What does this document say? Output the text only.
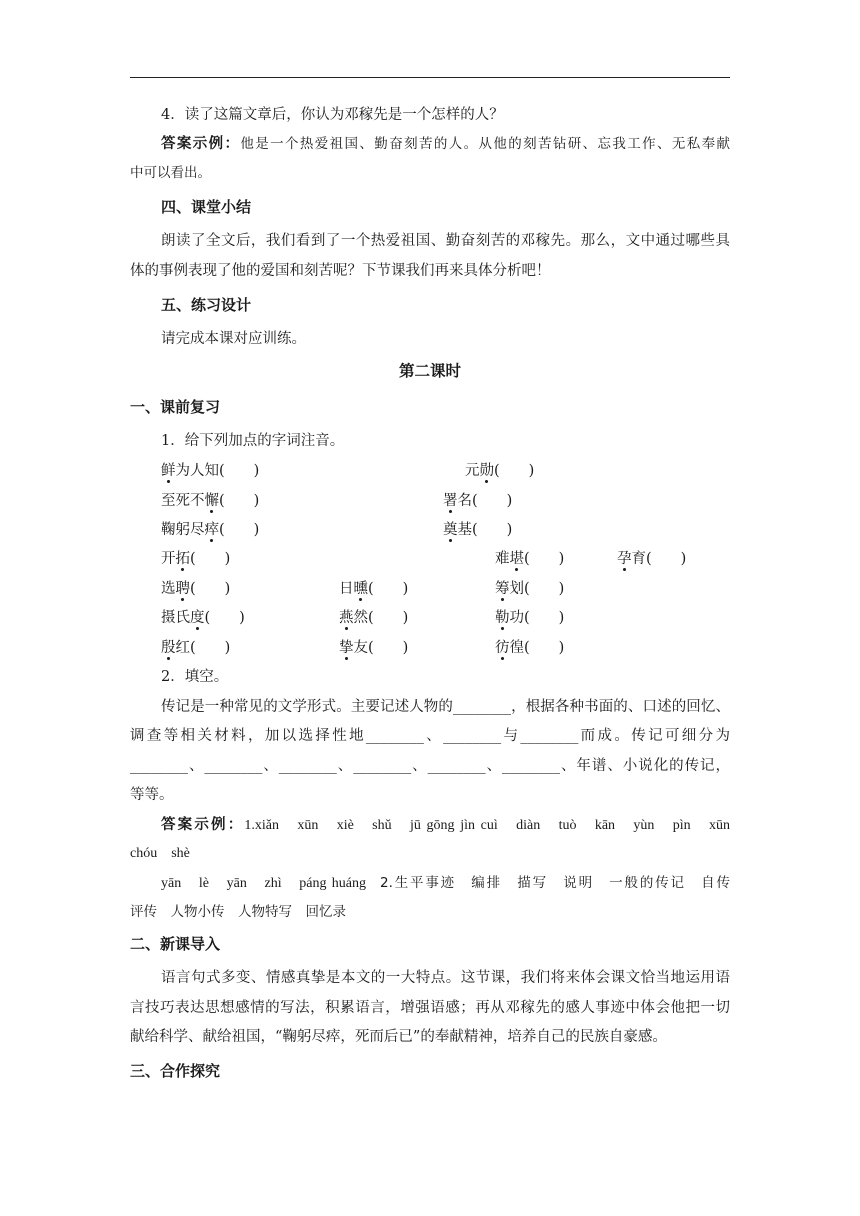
4．读了这篇文章后，你认为邓稼先是一个怎样的人？
答案示例：他是一个热爱祖国、勤奋刻苦的人。从他的刻苦钻研、忘我工作、无私奉献
中可以看出。
四、课堂小结
朗读了全文后，我们看到了一个热爱祖国、勤奋刻苦的邓稼先。那么，文中通过哪些具
体的事例表现了他的爱国和刻苦呢？下节课我们再来具体分析吧！
五、练习设计
请完成本课对应训练。
第二课时
一、课前复习
1．给下列加点的字词注音。
鲜为人知(　　)	元勋(　　)
至死不懈(　　)	署名(　　)
鞠躬尽瘁(　　)	奠基(　　)
开拓(　　)	难堪(　　)	孕育(　　)
选聘(　　)	日曛(　　)	筹划(　　)
摄氏度(　　)	燕然(　　)	勒功(　　)
殷红(　　)	挚友(　　)	彷徨(　　)
2．填空。
传记是一种常见的文学形式。主要记述人物的________，根据各种书面的、口述的回忆、
调查等相关材料，加以选择性地________、________与________而成。传记可细分为
________、________、________、________、________、________、年谱、小说化的传记，
等等。
答案示例：1.xiǎn　xūn　xiè　shǔ　jū gōng jìn cuì　diàn　tuò　kān　yùn　pìn　xūn
chóu　shè
yān　lè　yān　zhì　páng huáng 2.生平事迹　编排　描写　说明　一般的传记　自传
评传　人物小传　人物特写　回忆录
二、新课导入
语言句式多变、情感真挚是本文的一大特点。这节课，我们将来体会课文恰当地运用语
言技巧表达思想感情的写法，积累语言，增强语感；再从邓稼先的感人事迹中体会他把一切
献给科学、献给祖国，“鞠躬尽瘁，死而后已”的奉献精神，培养自己的民族自豪感。
三、合作探究
